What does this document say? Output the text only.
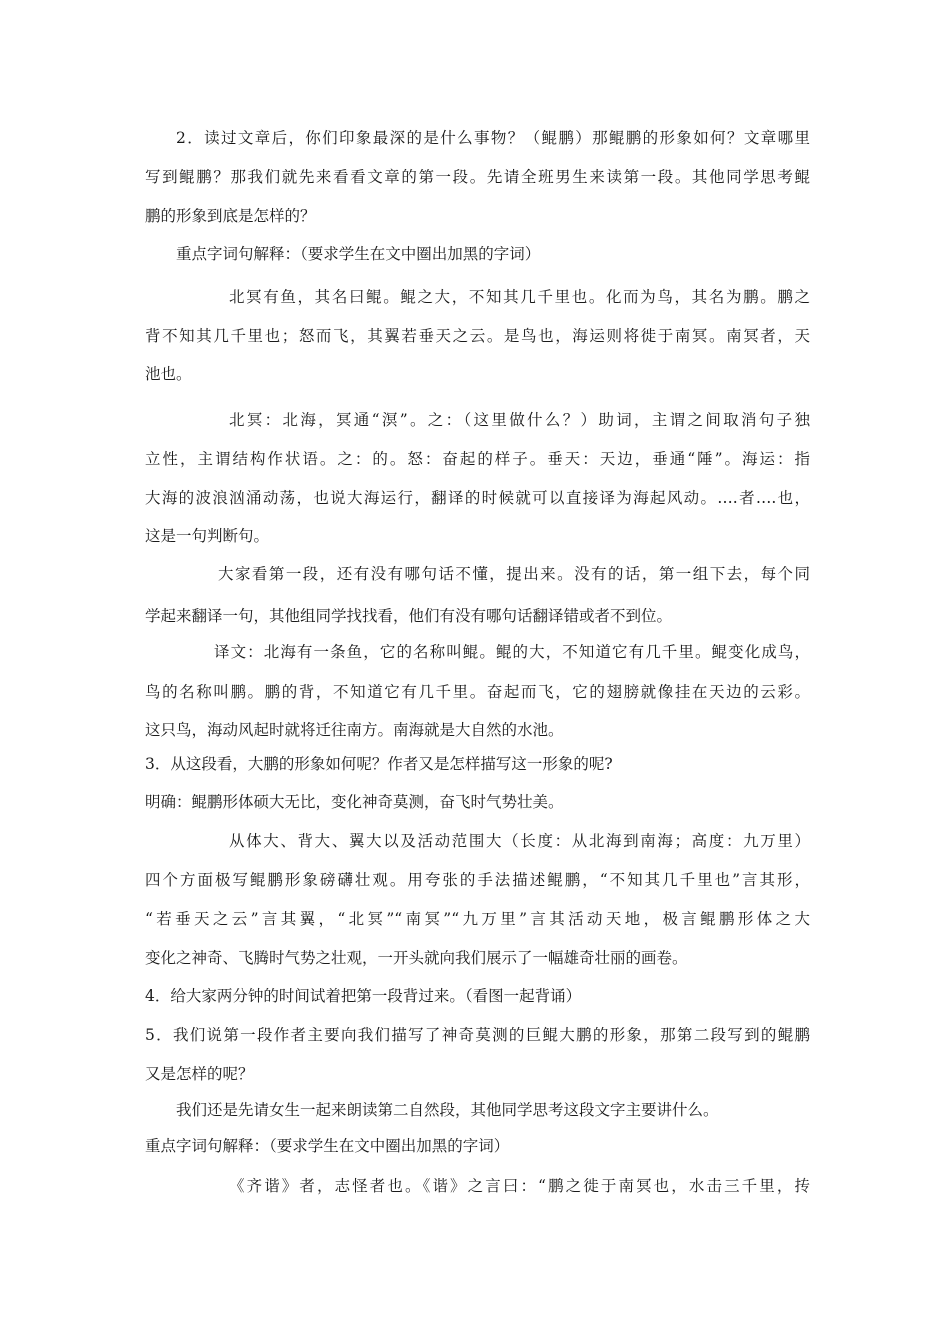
2．读过文章后，你们印象最深的是什么事物？（鲲鹏）那鲲鹏的形象如何？文章哪里
写到鲲鹏？那我们就先来看看文章的第一段。先请全班男生来读第一段。其他同学思考鲲
鹏的形象到底是怎样的？
重点字词句解释：（要求学生在文中圈出加黑的字词）
北冥有鱼，其名曰鲲。鲲之大，不知其几千里也。化而为鸟，其名为鹏。鹏之
背不知其几千里也；怒而飞，其翼若垂天之云。是鸟也，海运则将徙于南冥。南冥者，天
池也。
北冥：北海，冥通“溟”。之：（这里做什么？）助词，主谓之间取消句子独
立性，主谓结构作状语。之：的。怒：奋起的样子。垂天：天边，垂通“陲”。海运：指
大海的波浪汹涌动荡，也说大海运行，翻译的时候就可以直接译为海起风动。….者….也，
这是一句判断句。
大家看第一段，还有没有哪句话不懂，提出来。没有的话，第一组下去，每个同
学起来翻译一句，其他组同学找找看，他们有没有哪句话翻译错或者不到位。
译文：北海有一条鱼，它的名称叫鲲。鲲的大，不知道它有几千里。鲲变化成鸟，
鸟的名称叫鹏。鹏的背，不知道它有几千里。奋起而飞，它的翅膀就像挂在天边的云彩。
这只鸟，海动风起时就将迁往南方。南海就是大自然的水池。
3．从这段看，大鹏的形象如何呢？作者又是怎样描写这一形象的呢?
明确：鲲鹏形体硕大无比，变化神奇莫测，奋飞时气势壮美。
从体大、背大、翼大以及活动范围大（长度：从北海到南海；高度：九万里）
四个方面极写鲲鹏形象磅礴壮观。用夸张的手法描述鲲鹏，“不知其几千里也”言其形，
“若垂天之云”言其翼，“北冥”“南冥”“九万里”言其活动天地，极言鲲鹏形体之大
变化之神奇、飞腾时气势之壮观，一开头就向我们展示了一幅雄奇壮丽的画卷。
4．给大家两分钟的时间试着把第一段背过来。（看图一起背诵）
5．我们说第一段作者主要向我们描写了神奇莫测的巨鲲大鹏的形象，那第二段写到的鲲鹏
又是怎样的呢？
我们还是先请女生一起来朗读第二自然段，其他同学思考这段文字主要讲什么。
重点字词句解释：（要求学生在文中圈出加黑的字词）
《齐谐》者，志怪者也。《谐》之言曰：“鹏之徙于南冥也，水击三千里，抟
